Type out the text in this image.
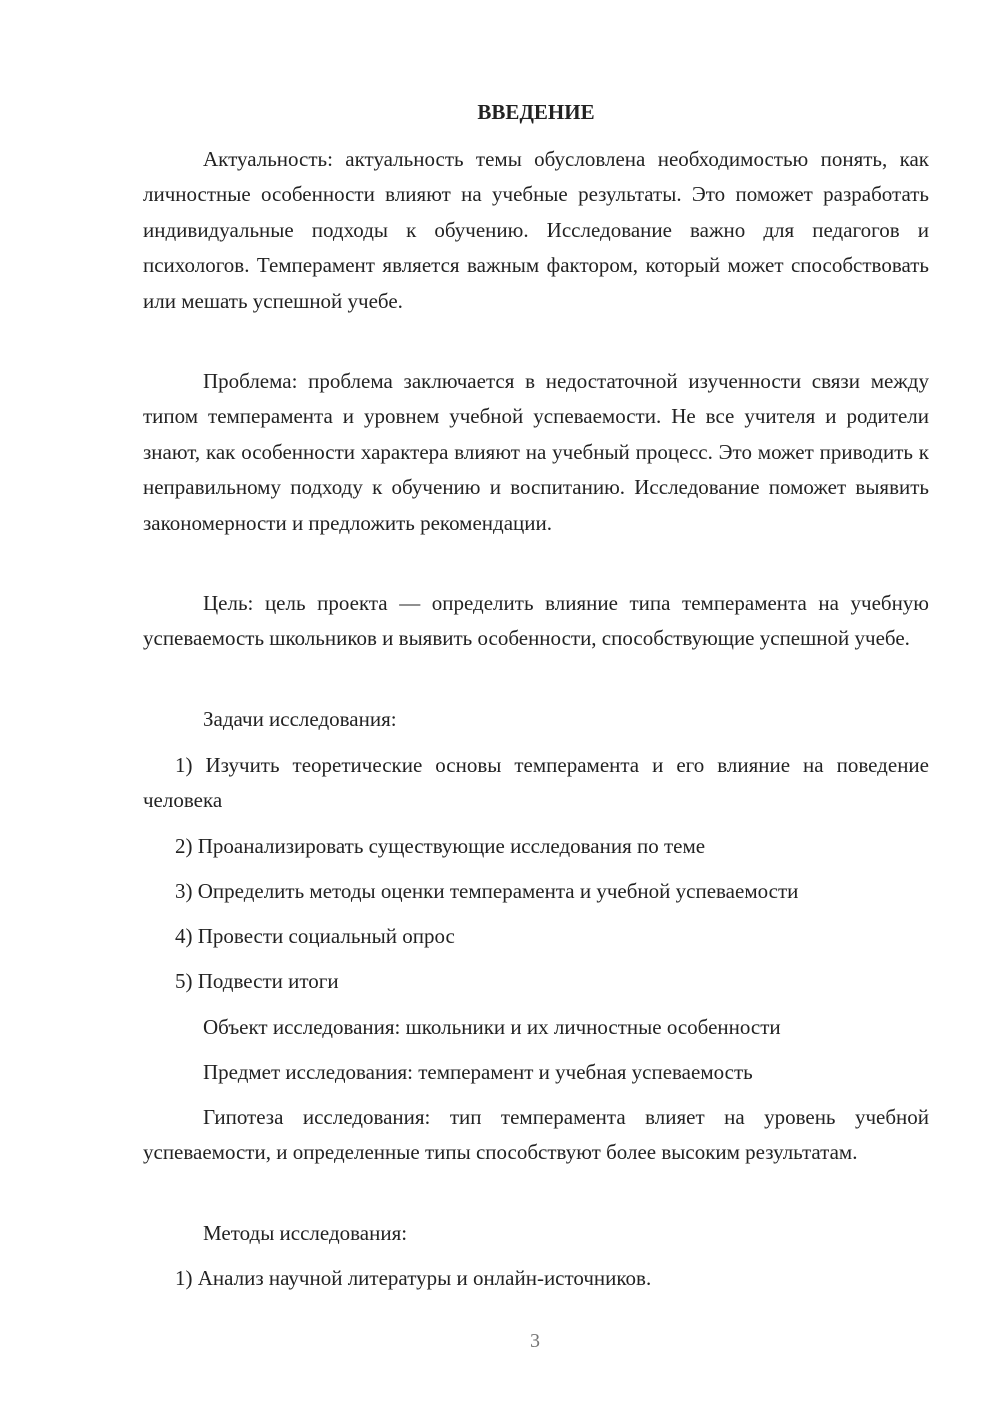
ВВЕДЕНИЕ

Актуальность: актуальность темы обусловлена необходимостью понять, как личностные особенности влияют на учебные результаты. Это поможет разработать индивидуальные подходы к обучению. Исследование важно для педагогов и психологов. Темперамент является важным фактором, который может способствовать или мешать успешной учебе.

Проблема: проблема заключается в недостаточной изученности связи между типом темперамента и уровнем учебной успеваемости. Не все учителя и родители знают, как особенности характера влияют на учебный процесс. Это может приводить к неправильному подходу к обучению и воспитанию. Исследование поможет выявить закономерности и предложить рекомендации.

Цель: цель проекта — определить влияние типа темперамента на учебную успеваемость школьников и выявить особенности, способствующие успешной учебе.

Задачи исследования:

1) Изучить теоретические основы темперамента и его влияние на поведение человека

2) Проанализировать существующие исследования по теме

3) Определить методы оценки темперамента и учебной успеваемости

4) Провести социальный опрос

5) Подвести итоги

Объект исследования: школьники и их личностные особенности

Предмет исследования: темперамент и учебная успеваемость

Гипотеза исследования: тип темперамента влияет на уровень учебной успеваемости, и определенные типы способствуют более высоким результатам.

Методы исследования:

1) Анализ научной литературы и онлайн-источников.

3
